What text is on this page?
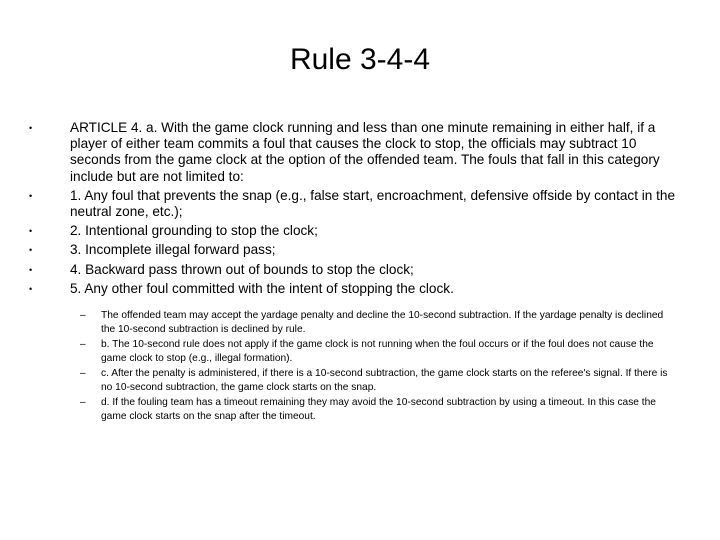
Rule 3-4-4
•	ARTICLE 4. a. With the game clock running and less than one minute remaining in either half, if a player of either team commits a foul that causes the clock to stop, the officials may subtract 10 seconds from the game clock at the option of the offended team. The fouls that fall in this category include but are not limited to:
•	1. Any foul that prevents the snap (e.g., false start, encroachment, defensive offside by contact in the neutral zone, etc.);
•	2. Intentional grounding to stop the clock;
•	3. Incomplete illegal forward pass;
•	4. Backward pass thrown out of bounds to stop the clock;
•	5. Any other foul committed with the intent of stopping the clock.
– The offended team may accept the yardage penalty and decline the 10-second subtraction. If the yardage penalty is declined the 10-second subtraction is declined by rule.
– b. The 10-second rule does not apply if the game clock is not running when the foul occurs or if the foul does not cause the game clock to stop (e.g., illegal formation).
– c. After the penalty is administered, if there is a 10-second subtraction, the game clock starts on the referee's signal. If there is no 10-second subtraction, the game clock starts on the snap.
– d. If the fouling team has a timeout remaining they may avoid the 10-second subtraction by using a timeout. In this case the game clock starts on the snap after the timeout.
